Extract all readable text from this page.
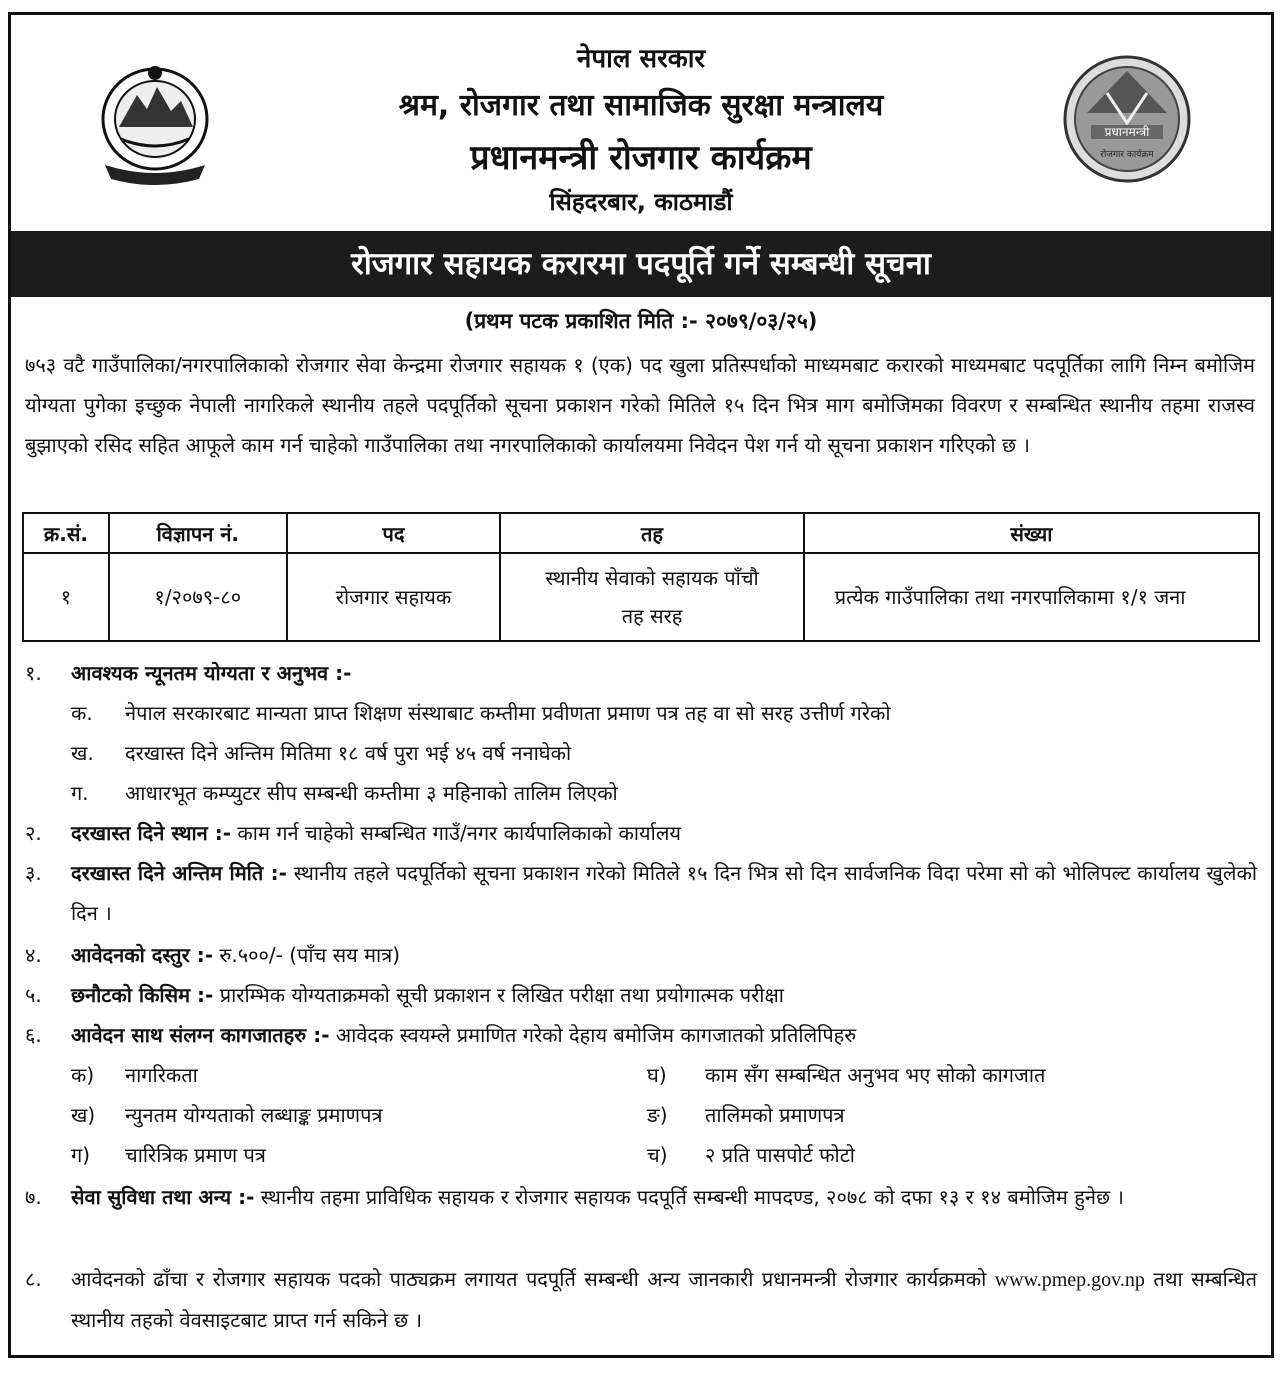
प्रधानमन्त्री
रोजगार कार्यक्रम
नेपाल सरकार
श्रम, रोजगार तथा सामाजिक सुरक्षा मन्त्रालय
प्रधानमन्त्री रोजगार कार्यक्रम
सिंहदरबार, काठमाडौं
रोजगार सहायक करारमा पदपूर्ति गर्ने सम्बन्धी सूचना
(प्रथम पटक प्रकाशित मिति :- २०७९/०३/२५)
७५३ वटै गाउँपालिका/नगरपालिकाको रोजगार सेवा केन्द्रमा रोजगार सहायक १ (एक) पद खुला प्रतिस्पर्धाको माध्यमबाट करारको माध्यमबाट पदपूर्तिका लागि निम्न बमोजिम योग्यता पुगेका इच्छुक नेपाली नागरिकले स्थानीय तहले पदपूर्तिको सूचना प्रकाशन गरेको मितिले १५ दिन भित्र माग बमोजिमका विवरण र सम्बन्धित स्थानीय तहमा राजस्व बुझाएको रसिद सहित आफूले काम गर्न चाहेको गाउँपालिका तथा नगरपालिकाको कार्यालयमा निवेदन पेश गर्न यो सूचना प्रकाशन गरिएको छ ।
क्र.सं.	विज्ञापन नं.	पद	तह	संख्या
१	१/२०७९-८०	रोजगार सहायक	स्थानीय सेवाको सहायक पाँचौ तह सरह	प्रत्येक गाउँपालिका तथा नगरपालिकामा १/१ जना
१.	आवश्यक न्यूनतम योग्यता र अनुभव :-
क. नेपाल सरकारबाट मान्यता प्राप्त शिक्षण संस्थाबाट कम्तीमा प्रवीणता प्रमाण पत्र तह वा सो सरह उत्तीर्ण गरेको
ख. दरखास्त दिने अन्तिम मितिमा १८ वर्ष पुरा भई ४५ वर्ष ननाघेको
ग. आधारभूत कम्प्युटर सीप सम्बन्धी कम्तीमा ३ महिनाको तालिम लिएको
२.	दरखास्त दिने स्थान :- काम गर्न चाहेको सम्बन्धित गाउँ/नगर कार्यपालिकाको कार्यालय
३.	दरखास्त दिने अन्तिम मिति :- स्थानीय तहले पदपूर्तिको सूचना प्रकाशन गरेको मितिले १५ दिन भित्र सो दिन सार्वजनिक विदा परेमा सो को भोलिपल्ट कार्यालय खुलेको दिन ।
४.	आवेदनको दस्तुर :- रु.५००/- (पाँच सय मात्र)
५.	छनौटको किसिम :- प्रारम्भिक योग्यताक्रमको सूची प्रकाशन र लिखित परीक्षा तथा प्रयोगात्मक परीक्षा
६.	आवेदन साथ संलग्न कागजातहरु :- आवेदक स्वयम्ले प्रमाणित गरेको देहाय बमोजिम कागजातको प्रतिलिपिहरु
क) नागरिकता	घ) काम सँग सम्बन्धित अनुभव भए सोको कागजात
ख) न्युनतम योग्यताको लब्धाङ्क प्रमाणपत्र	ङ) तालिमको प्रमाणपत्र
ग) चारित्रिक प्रमाण पत्र	च) २ प्रति पासपोर्ट फोटो
७.	सेवा सुविधा तथा अन्य :- स्थानीय तहमा प्राविधिक सहायक र रोजगार सहायक पदपूर्ति सम्बन्धी मापदण्ड, २०७८ को दफा १३ र १४ बमोजिम हुनेछ ।
८.	आवेदनको ढाँचा र रोजगार सहायक पदको पाठ्यक्रम लगायत पदपूर्ति सम्बन्धी अन्य जानकारी प्रधानमन्त्री रोजगार कार्यक्रमको www.pmep.gov.np तथा सम्बन्धित स्थानीय तहको वेवसाइटबाट प्राप्त गर्न सकिने छ ।
